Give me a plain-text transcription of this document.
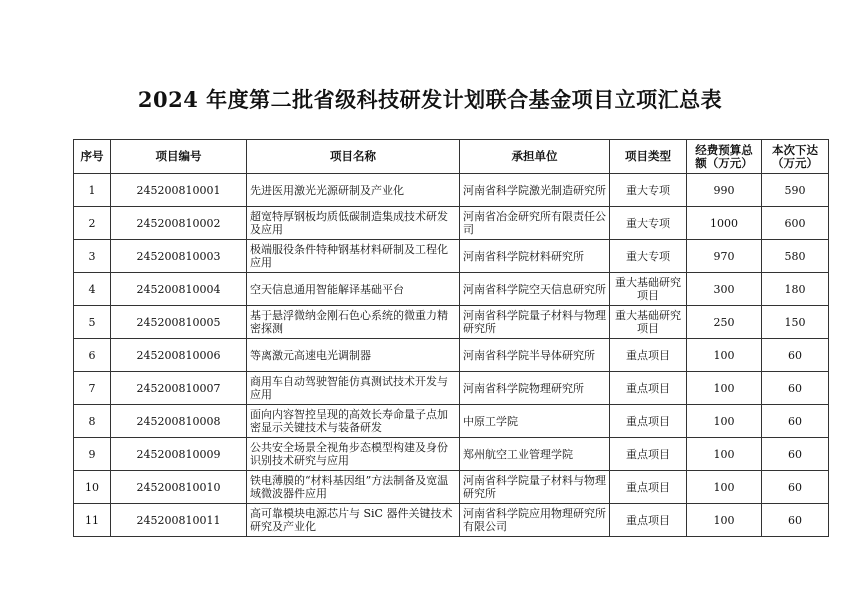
2024 年度第二批省级科技研发计划联合基金项目立项汇总表
序号	项目编号	项目名称	承担单位	项目类型	经费预算总额（万元）	本次下达（万元）
1	245200810001	先进医用激光光源研制及产业化	河南省科学院激光制造研究所	重大专项	990	590
2	245200810002	超宽特厚钢板均质低碳制造集成技术研发及应用	河南省冶金研究所有限责任公司	重大专项	1000	600
3	245200810003	极端服役条件特种钢基材料研制及工程化应用	河南省科学院材料研究所	重大专项	970	580
4	245200810004	空天信息通用智能解译基础平台	河南省科学院空天信息研究所	重大基础研究项目	300	180
5	245200810005	基于悬浮微纳金刚石色心系统的微重力精密探测	河南省科学院量子材料与物理研究所	重大基础研究项目	250	150
6	245200810006	等离激元高速电光调制器	河南省科学院半导体研究所	重点项目	100	60
7	245200810007	商用车自动驾驶智能仿真测试技术开发与应用	河南省科学院物理研究所	重点项目	100	60
8	245200810008	面向内容智控呈现的高效长寿命量子点加密显示关键技术与装备研发	中原工学院	重点项目	100	60
9	245200810009	公共安全场景全视角步态模型构建及身份识别技术研究与应用	郑州航空工业管理学院	重点项目	100	60
10	245200810010	铁电薄膜的“材料基因组”方法制备及宽温域微波器件应用	河南省科学院量子材料与物理研究所	重点项目	100	60
11	245200810011	高可靠模块电源芯片与 SiC 器件关键技术研究及产业化	河南省科学院应用物理研究所有限公司	重点项目	100	60
